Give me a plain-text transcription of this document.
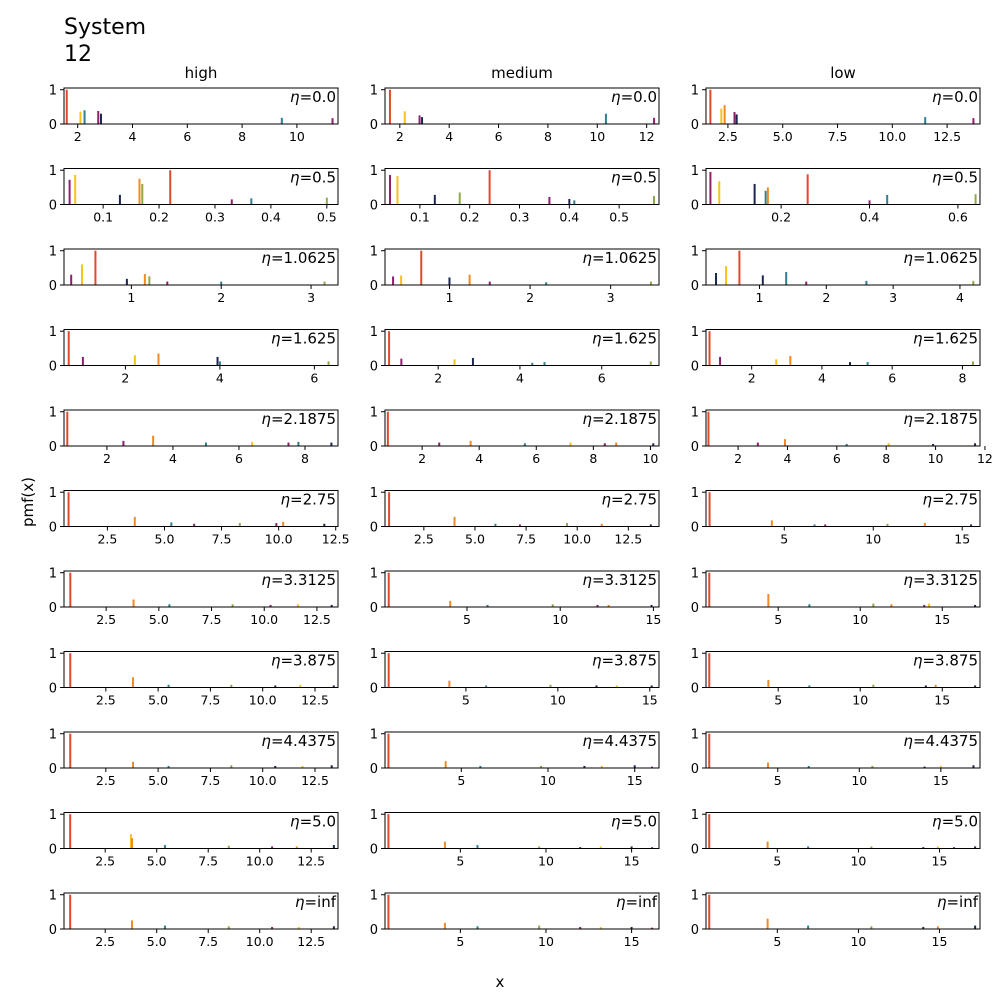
System
12
pmf(x)
x
high	medium	low
0
1
2	4	6	8	10
η=0.0
0
1
2	4	6	8	10	12
η=0.0
0
1
2.5	5.0	7.5 10.0 12.5
η=0.0
0
1
0.1	0.2	0.3	0.4	0.5
η=0.5
0
1
0.1 0.2 0.3 0.4 0.5
η=0.5
0
1
0.2	0.4	0.6
η=0.5
0
1
1	2	3
η=1.0625
0
1
1	2	3
η=1.0625
0
1
1	2	3	4
η=1.0625
0
1
2	4	6
η=1.625
0
1
2	4	6
η=1.625
0
1
2	4	6	8
η=1.625
0
1
2	4	6	8
η=2.1875
0
1
2	4	6	8	10
η=2.1875
0
1
2	4	6	8	10	12
η=2.1875
0
1
2.5	5.0	7.5	10.0 12.5
η=2.75
0
1
2.5 5.0 7.5 10.0 12.5
η=2.75
0
1
5	10	15
η=2.75
0
1
2.5	5.0	7.5 10.0 12.5
η=3.3125
0
1
5	10	15
η=3.3125
0
1
5	10	15
η=3.3125
0
1
2.5	5.0	7.5 10.0 12.5
η=3.875
0
1
5	10	15
η=3.875
0
1
5	10	15
η=3.875
0
1
2.5	5.0	7.5 10.0 12.5
η=4.4375
0
1
5	10	15
η=4.4375
0
1
5	10	15
η=4.4375
0
1
2.5	5.0	7.5 10.0 12.5
η=5.0
0
1
5	10	15
η=5.0
0
1
5	10	15
η=5.0
0
1
2.5	5.0	7.5 10.0 12.5
η=inf
0
1
5	10	15
η=inf
0
1
5	10	15
η=inf
